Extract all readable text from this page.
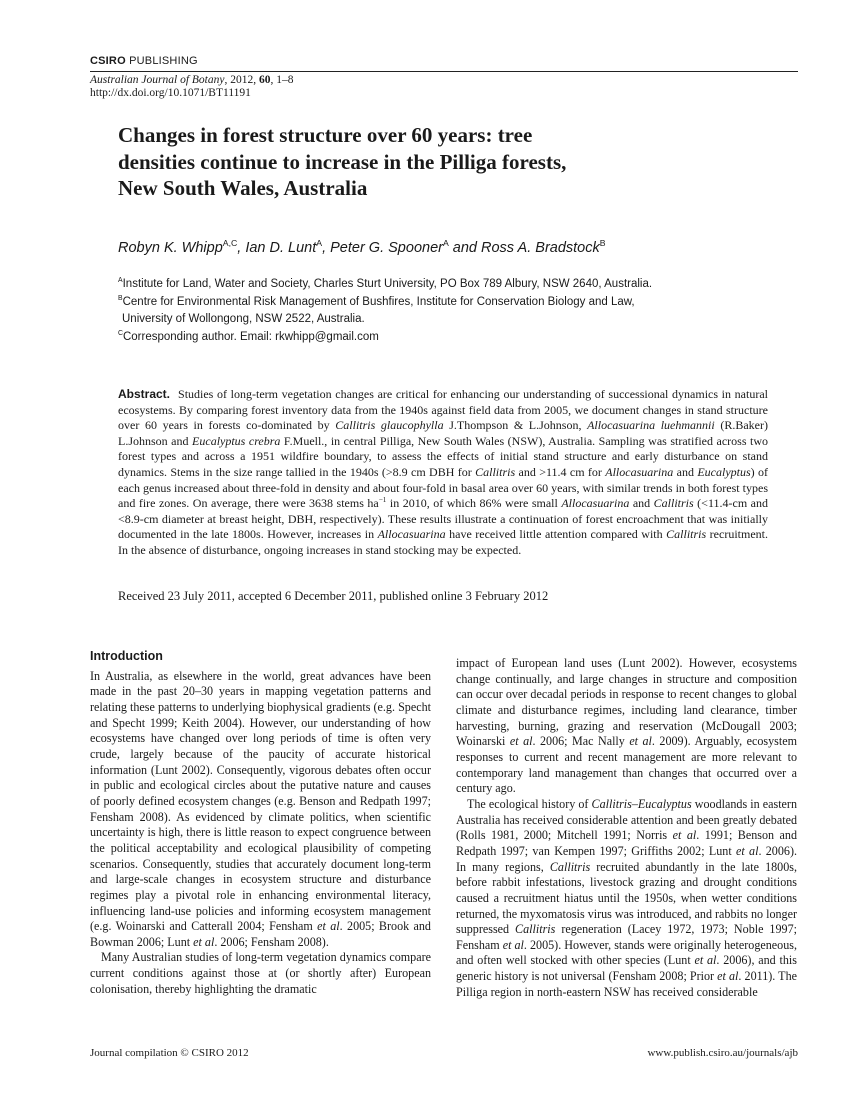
CSIRO PUBLISHING
Australian Journal of Botany, 2012, 60, 1–8
http://dx.doi.org/10.1071/BT11191
Changes in forest structure over 60 years: tree
densities continue to increase in the Pilliga forests,
New South Wales, Australia
Robyn K. Whipp$^{A,C}$, Ian D. Lunt$^A$, Peter G. Spooner$^A$ and Ross A. Bradstock$^B$
$^A$Institute for Land, Water and Society, Charles Sturt University, PO Box 789 Albury, NSW 2640, Australia.
$^B$Centre for Environmental Risk Management of Bushfires, Institute for Conservation Biology and Law,
University of Wollongong, NSW 2522, Australia.
$^C$Corresponding author. Email: rkwhipp@gmail.com
Abstract. Studies of long-term vegetation changes are critical for enhancing our understanding of successional dynamics in natural ecosystems. By comparing forest inventory data from the 1940s against field data from 2005, we document changes in stand structure over 60 years in forests co-dominated by Callitris glaucophylla J.Thompson & L.Johnson, Allocasuarina luehmannii (R.Baker) L.Johnson and Eucalyptus crebra F.Muell., in central Pilliga, New South Wales (NSW), Australia. Sampling was stratified across two forest types and across a 1951 wildfire boundary, to assess the effects of initial stand structure and early disturbance on stand dynamics. Stems in the size range tallied in the 1940s (>8.9 cm DBH for Callitris and >11.4 cm for Allocasuarina and Eucalyptus) of each genus increased about three-fold in density and about four-fold in basal area over 60 years, with similar trends in both forest types and fire zones. On average, there were 3638 stems $ha^{-1}$ in 2010, of which 86% were small Allocasuarina and Callitris (<11.4-cm and <8.9-cm diameter at breast height, DBH, respectively). These results illustrate a continuation of forest encroachment that was initially documented in the late 1800s. However, increases in Allocasuarina have received little attention compared with Callitris recruitment. In the absence of disturbance, ongoing increases in stand stocking may be expected.
Received 23 July 2011, accepted 6 December 2011, published online 3 February 2012
Introduction

In Australia, as elsewhere in the world, great advances have been made in the past 20–30 years in mapping vegetation patterns and relating these patterns to underlying biophysical gradients (e.g. Specht and Specht 1999; Keith 2004). However, our understanding of how ecosystems have changed over long periods of time is often very crude, largely because of the paucity of accurate historical information (Lunt 2002). Consequently, vigorous debates often occur in public and ecological circles about the putative nature and causes of poorly defined ecosystem changes (e.g. Benson and Redpath 1997; Fensham 2008). As evidenced by climate politics, when scientific uncertainty is high, there is little reason to expect congruence between the political acceptability and ecological plausibility of competing scenarios. Consequently, studies that accurately document long-term and large-scale changes in ecosystem structure and disturbance regimes play a pivotal role in enhancing environmental literacy, influencing land-use policies and informing ecosystem management (e.g. Woinarski and Catterall 2004; Fensham et al. 2005; Brook and Bowman 2006; Lunt et al. 2006; Fensham 2008).

Many Australian studies of long-term vegetation dynamics compare current conditions against those at (or shortly after) European colonisation, thereby highlighting the dramatic

impact of European land uses (Lunt 2002). However, ecosystems change continually, and large changes in structure and composition can occur over decadal periods in response to recent changes to global climate and disturbance regimes, including land clearance, timber harvesting, burning, grazing and reservation (McDougall 2003; Woinarski et al. 2006; Mac Nally et al. 2009). Arguably, ecosystem responses to current and recent management are more relevant to contemporary land management than changes that occurred over a century ago.

The ecological history of Callitris–Eucalyptus woodlands in eastern Australia has received considerable attention and been greatly debated (Rolls 1981, 2000; Mitchell 1991; Norris et al. 1991; Benson and Redpath 1997; van Kempen 1997; Griffiths 2002; Lunt et al. 2006). In many regions, Callitris recruited abundantly in the late 1800s, before rabbit infestations, livestock grazing and drought conditions caused a recruitment hiatus until the 1950s, when wetter conditions returned, the myxomatosis virus was introduced, and rabbits no longer suppressed Callitris regeneration (Lacey 1972, 1973; Noble 1997; Fensham et al. 2005). However, stands were originally heterogeneous, and often well stocked with other species (Lunt et al. 2006), and this generic history is not universal (Fensham 2008; Prior et al. 2011). The Pilliga region in north-eastern NSW has received considerable

Journal compilation © CSIRO 2012	www.publish.csiro.au/journals/ajb
